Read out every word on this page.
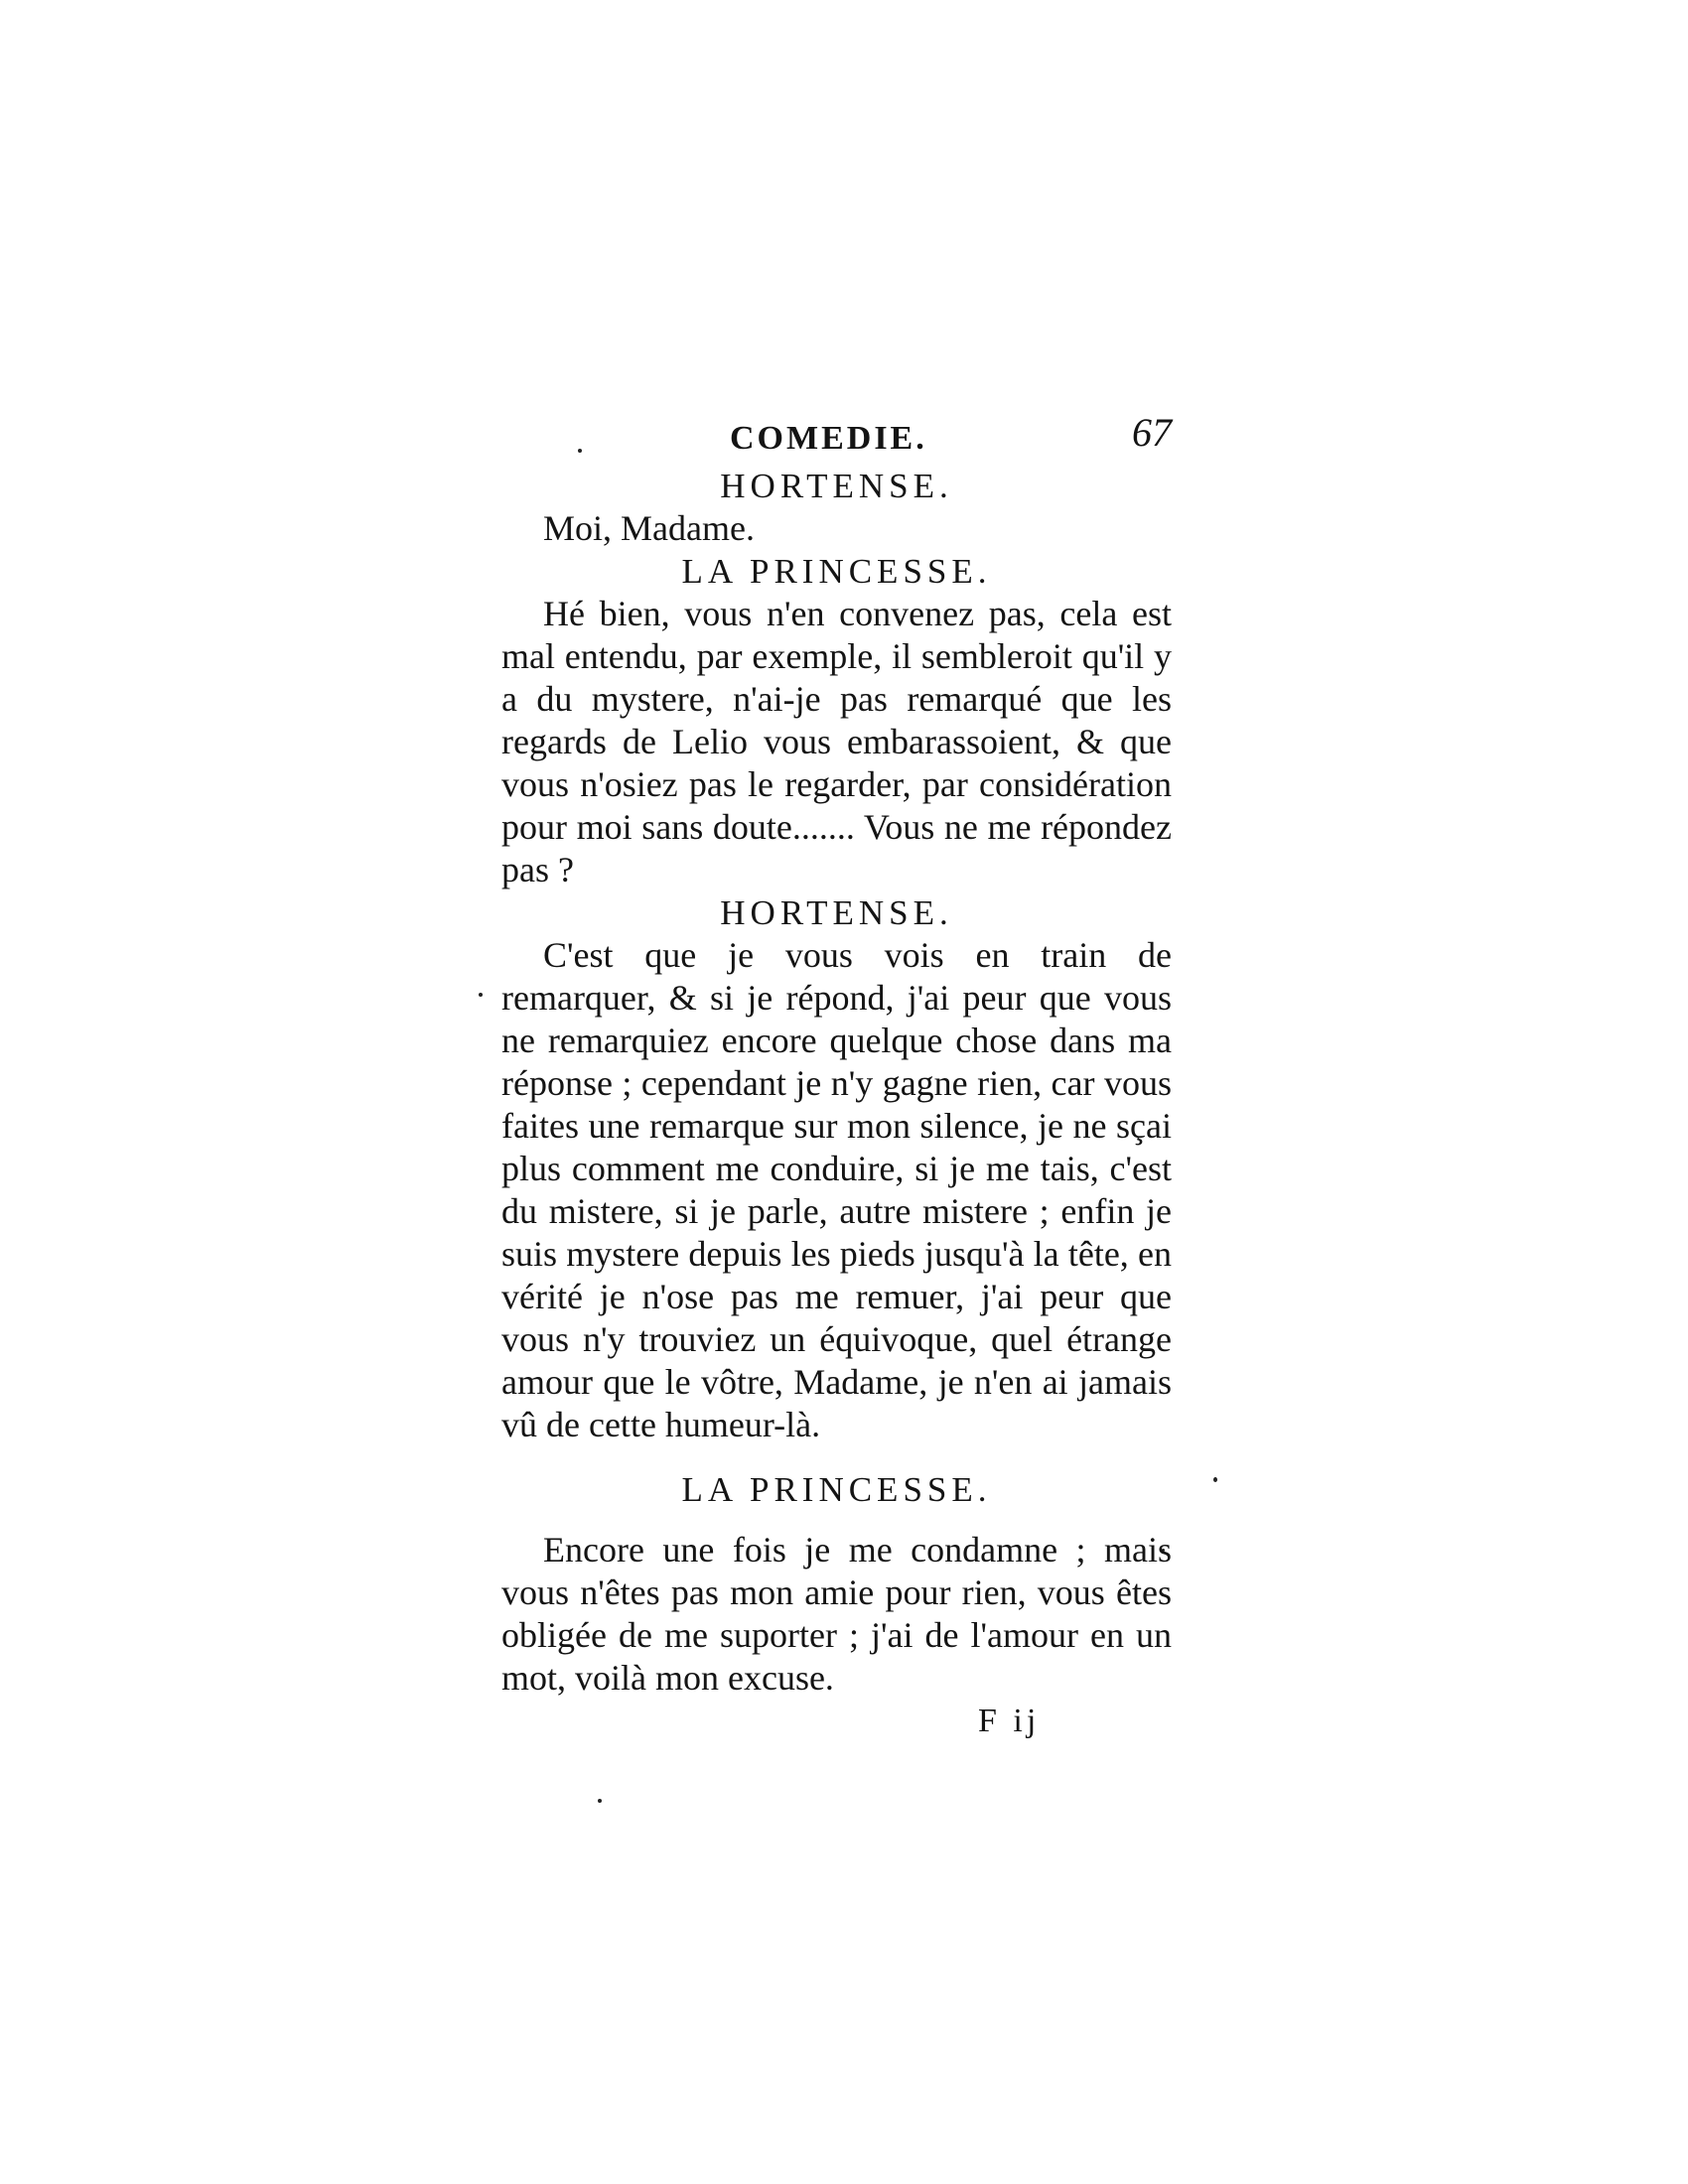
COMEDIE.	67

HORTENSE.

Moi, Madame.

LA PRINCESSE.

Hé bien, vous n'en convenez pas, cela est mal entendu, par exemple, il sembleroit qu'il y a du mystere, n'ai-je pas remarqué que les regards de Lelio vous embarassoient, & que vous n'osiez pas le regarder, par considération pour moi sans doute....... Vous ne me répondez pas ?

HORTENSE.

C'est que je vous vois en train de remarquer, & si je répond, j'ai peur que vous ne remarquiez encore quelque chose dans ma réponse ; cependant je n'y gagne rien, car vous faites une remarque sur mon silence, je ne sçai plus comment me conduire, si je me tais, c'est du mistere, si je parle, autre mistere ; enfin je suis mystere depuis les pieds jusqu'à la tête, en vérité je n'ose pas me remuer, j'ai peur que vous n'y trouviez un équivoque, quel étrange amour que le vôtre, Madame, je n'en ai jamais vû de cette humeur-là.

LA PRINCESSE.

Encore une fois je me condamne ; mais vous n'êtes pas mon amie pour rien, vous êtes obligée de me suporter ; j'ai de l'amour en un mot, voilà mon excuse.

F ij
